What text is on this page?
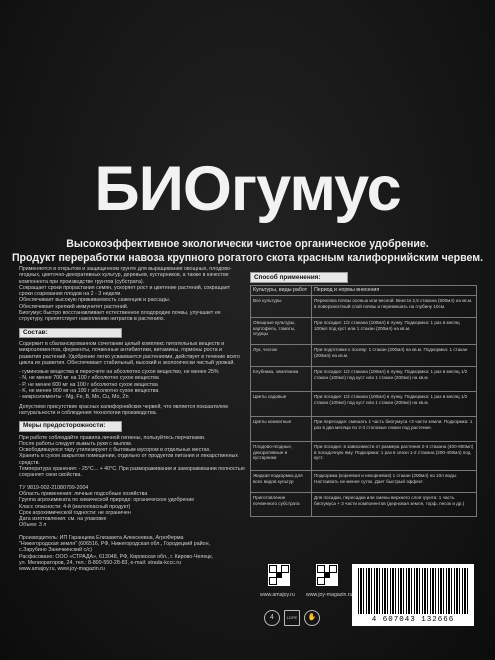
БИОгумус
Высокоэффективное экологически чистое органическое удобрение.
Продукт переработки навоза крупного рогатого скота красным калифорнийским червем.

Применяется в открытом и защищенном грунте для выращивания овощных, плодово-ягодных, цветочно-декоративных культур, деревьев, кустарников, а также в качестве компонента при производстве грунтов (субстрата).

Сокращает сроки прорастания семян, ускоряет рост и цветение растений, сокращает сроки созревания плодов на 2 - 3 недели.

Обеспечивает высокую приживаемость саженцев и рассады.

Обеспечивает крепкий иммунитет растений.

Биогумус быстро восстанавливает естественное плодородие почвы, улучшает ее структуру, препятствует накоплению нитратов в растениях.

Состав:

Содержит в сбалансированном сочетании целый комплекс питательных веществ и микроэлементов, ферменты, почвенные антибиотики, витамины, гормоны роста и развития растений. Удобрение легко усваивается растениями, действует в течение всего цикла их развития. Обеспечивает стабильный, высокий и экологически чистый урожай.

- гуминовые вещества в пересчете на абсолютно сухое вещество, не менее 25%

- N, не менее 700 мг на 100 г абсолютно сухое вещества

- P, не менее 600 мг на 100 г абсолютно сухое вещества

- K, не менее 900 мг на 100 г абсолютно сухое вещества

- микроэлементы - Mg, Fe, B, Mn, Cu, Mo, Zn

Допустимо присутствие красных калифорнийских червей, что является показателем натуральности и соблюдения технологии производства.

Меры предосторожности:

При работе соблюдайте правила личной гигиены, пользуйтесь перчатками.

После работы следует вымыть руки с мылом.

Освободившуюся тару утилизируют с бытовым мусором в отдельных местах.

Хранить в сухом закрытом помещении, отдельно от продуктов питания и лекарственных средств.

Температура хранения: - 25°С... + 40°С. При размораживании и замораживании полностью сохраняет свои свойства.

ТУ 9819-002-21080799-2004

Область применения: личные подсобные хозяйства

Группа агрохимиката по химической природе: органическое удобрение

Класс опасности: 4-й (малоопасный продукт)

Срок агрохимической годности: не ограничен

Дата изготовления: см. на упаковке

Объем: 3 л

Производитель: ИП Гаранцева Елизавета Алексеевна, АгроФерма

"Нижегородская земля" (606516, РФ, Нижегородская обл., Городецкий район,

с.Зарубино Заничкинский с/с)

Расфасовано: ООО «СТРАДА», 613048, РФ, Кировская обл., г. Кирово-Чепецк,

ул. Мелиораторов, 24, тел.: 8-800-550-28-83, e-mail: strada-kccc.ru

www.amajoy.ru, www.joy-magazin.ru

Способ применения:
Культуры, виды работ	Период и нормы внесения
Все культуры	Перекопка почвы осенью или весной. Внести 2,5 стакана (500мл) на кв.м. в поверхностный слой почвы и перемешать на глубину 10см.
Овощные культуры, картофель, томаты, огурцы	При посадке: 1/2 стакана (100мл) в лунку. Подкормка: 1 раз в месяц 100мл под куст или 1 стакан (200мл) на кв.м.
Лук, чеснок	При подготовке к посеву: 1 стакан (200мл) на кв.м. Подкормка: 1 стакан (200мл) на кв.м.
Клубника, земляника	При посадке: 1/2 стакана (100мл) в лунку. Подкормка: 1 раз в месяц 1/2 стакан (100мл) под куст или 1 стакан (200мл) на кв.м.
Цветы садовые	При посадке: 1/2 стакана (100мл) в лунку. Подкормка: 1 раз в месяц 1/2 стакан (100мл) под куст или 1 стакан (200мл) на кв.м.
Цветы комнатные	При пересадке: смешать 1 часть биогумуса +3 части земли. Подкормка: 1 раз в два месяца по 2-3 столовые ложки под растение.
Плодово-ягодные, декоративные и кустарники	При посадке: в зависимости от размера растения 2-4 стакана (400-800мл) в посадочную яму. Подкормка: 1 раз в сезон 1-2 стакана (200-400мл) под куст.
Жидкая подкормка для всех видов культур	Подкормка (корневая и некорневая) 1 стакан (200мл) на 10л воды. Настаивать не менее суток. Дает быстрый эффект.
Приготовление почвенного субстрата	Для посадки, пересадки или смены верхнего слоя грунта: 1 часть биогумуса + 3 части компонентов (дерновая земля, торф, песок и др.)
www.amajoy.ru www.joy-magazin.ru
4	LDPE	✋	4 607043 132666
